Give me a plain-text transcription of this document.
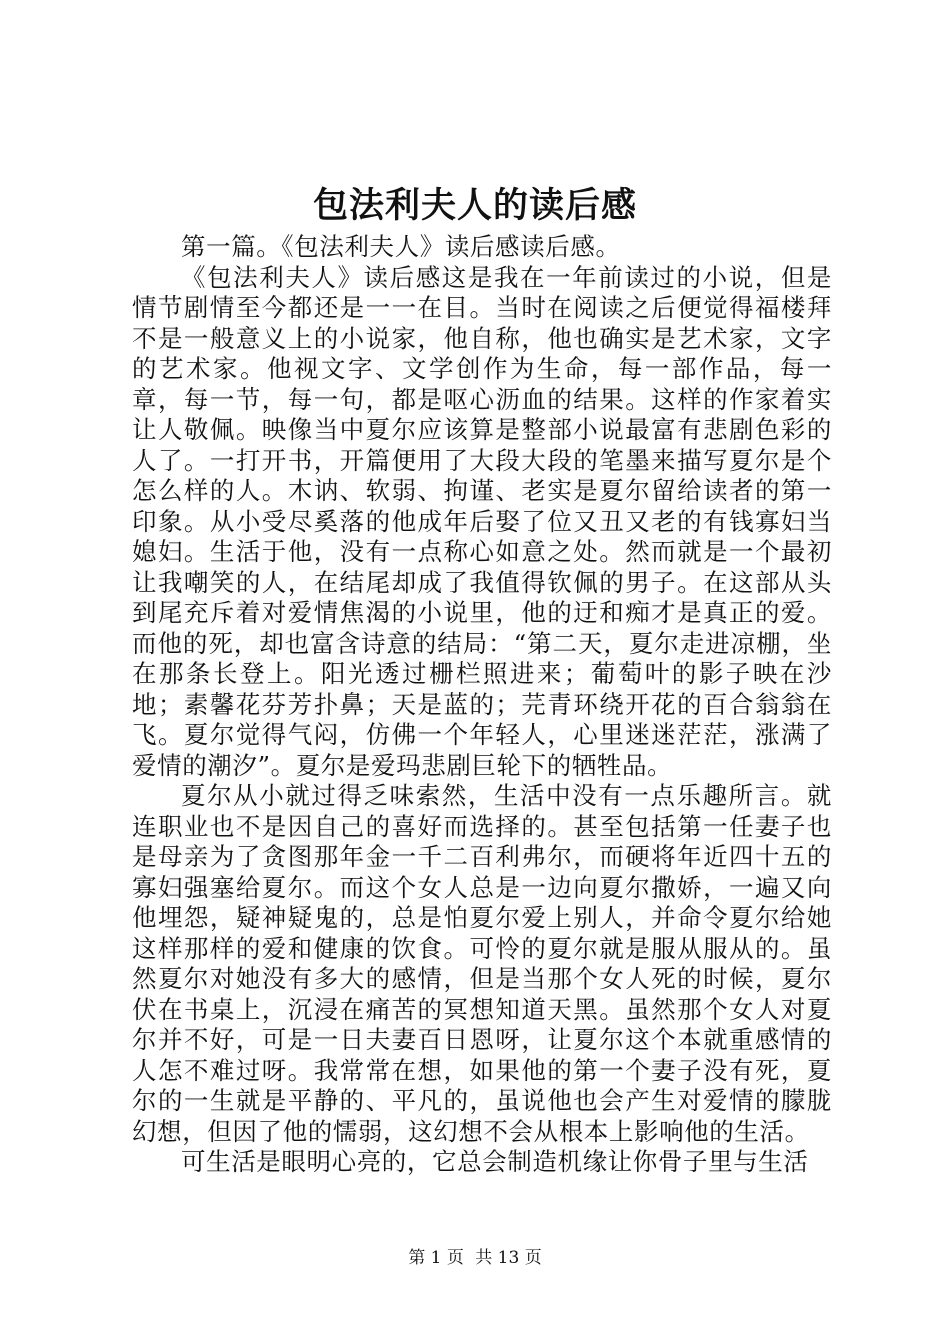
包法利夫人的读后感

第一篇。《包法利夫人》读后感读后感。

《包法利夫人》读后感这是我在一年前读过的小说，但是情节剧情至今都还是一一在目。当时在阅读之后便觉得福楼拜不是一般意义上的小说家，他自称，他也确实是艺术家，文字的艺术家。他视文字、文学创作为生命，每一部作品，每一章，每一节，每一句，都是呕心沥血的结果。这样的作家着实让人敬佩。映像当中夏尔应该算是整部小说最富有悲剧色彩的人了。一打开书，开篇便用了大段大段的笔墨来描写夏尔是个怎么样的人。木讷、软弱、拘谨、老实是夏尔留给读者的第一印象。从小受尽奚落的他成年后娶了位又丑又老的有钱寡妇当媳妇。生活于他，没有一点称心如意之处。然而就是一个最初让我嘲笑的人，在结尾却成了我值得钦佩的男子。在这部从头到尾充斥着对爱情焦渴的小说里，他的迂和痴才是真正的爱。而他的死，却也富含诗意的结局：“第二天，夏尔走进凉棚，坐在那条长登上。阳光透过栅栏照进来；葡萄叶的影子映在沙地；素馨花芬芳扑鼻；天是蓝的；芫青环绕开花的百合翁翁在飞。夏尔觉得气闷，仿佛一个年轻人，心里迷迷茫茫，涨满了爱情的潮汐”。夏尔是爱玛悲剧巨轮下的牺牲品。

夏尔从小就过得乏味索然，生活中没有一点乐趣所言。就连职业也不是因自己的喜好而选择的。甚至包括第一任妻子也是母亲为了贪图那年金一千二百利弗尔，而硬将年近四十五的寡妇强塞给夏尔。而这个女人总是一边向夏尔撒娇，一遍又向他埋怨，疑神疑鬼的，总是怕夏尔爱上别人，并命令夏尔给她这样那样的爱和健康的饮食。可怜的夏尔就是服从服从的。虽然夏尔对她没有多大的感情，但是当那个女人死的时候，夏尔伏在书桌上，沉浸在痛苦的冥想知道天黑。虽然那个女人对夏尔并不好，可是一日夫妻百日恩呀，让夏尔这个本就重感情的人怎不难过呀。我常常在想，如果他的第一个妻子没有死，夏尔的一生就是平静的、平凡的，虽说他也会产生对爱情的朦胧幻想，但因了他的懦弱，这幻想不会从根本上影响他的生活。

可生活是眼明心亮的，它总会制造机缘让你骨子里与生活

第 1 页 共 13 页
